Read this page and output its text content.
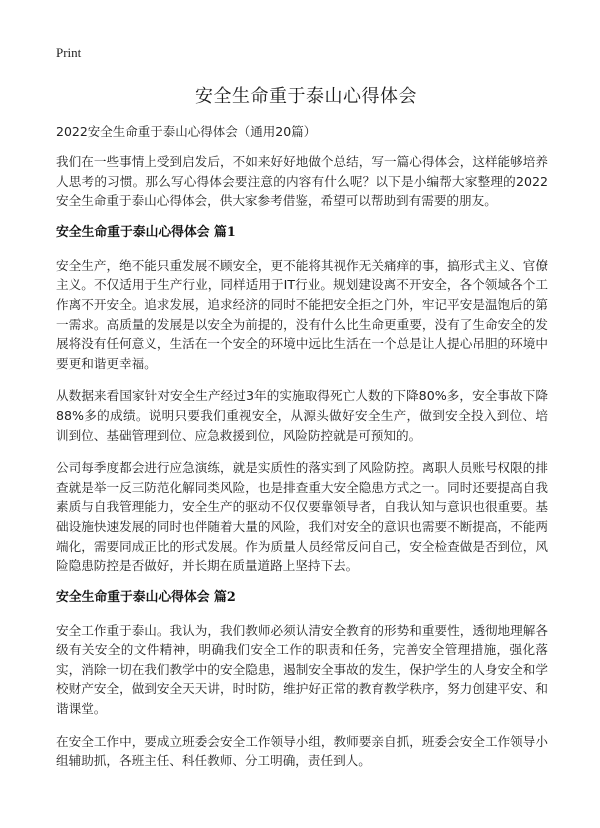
Print
安全生命重于泰山心得体会

2022安全生命重于泰山心得体会（通用20篇）

我们在一些事情上受到启发后，不如来好好地做个总结，写一篇心得体会，这样能够培养人思考的习惯。那么写心得体会要注意的内容有什么呢？以下是小编帮大家整理的2022安全生命重于泰山心得体会，供大家参考借鉴，希望可以帮助到有需要的朋友。

安全生命重于泰山心得体会 篇1

安全生产，绝不能只重发展不顾安全，更不能将其视作无关痛痒的事，搞形式主义、官僚主义。不仅适用于生产行业，同样适用于IT行业。规划建设离不开安全，各个领域各个工作离不开安全。追求发展，追求经济的同时不能把安全拒之门外，牢记平安是温饱后的第一需求。高质量的发展是以安全为前提的，没有什么比生命更重要，没有了生命安全的发展将没有任何意义，生活在一个安全的环境中远比生活在一个总是让人提心吊胆的环境中要更和谐更幸福。

从数据来看国家针对安全生产经过3年的实施取得死亡人数的下降80%多，安全事故下降88%多的成绩。说明只要我们重视安全，从源头做好安全生产，做到安全投入到位、培训到位、基础管理到位、应急救援到位，风险防控就是可预知的。

公司每季度都会进行应急演练，就是实质性的落实到了风险防控。离职人员账号权限的排查就是举一反三防范化解同类风险，也是排查重大安全隐患方式之一。同时还要提高自我素质与自我管理能力，安全生产的驱动不仅仅要靠领导者，自我认知与意识也很重要。基础设施快速发展的同时也伴随着大量的风险，我们对安全的意识也需要不断提高，不能两端化，需要同成正比的形式发展。作为质量人员经常反问自己，安全检查做是否到位，风险隐患防控是否做好，并长期在质量道路上坚持下去。

安全生命重于泰山心得体会 篇2

安全工作重于泰山。我认为，我们教师必须认清安全教育的形势和重要性，透彻地理解各级有关安全的文件精神，明确我们安全工作的职责和任务，完善安全管理措施，强化落实，消除一切在我们教学中的安全隐患，遏制安全事故的发生，保护学生的人身安全和学校财产安全，做到安全天天讲，时时防，维护好正常的教育教学秩序，努力创建平安、和谐课堂。

在安全工作中，要成立班委会安全工作领导小组，教师要亲自抓，班委会安全工作领导小组辅助抓，各班主任、科任教师、分工明确，责任到人。
